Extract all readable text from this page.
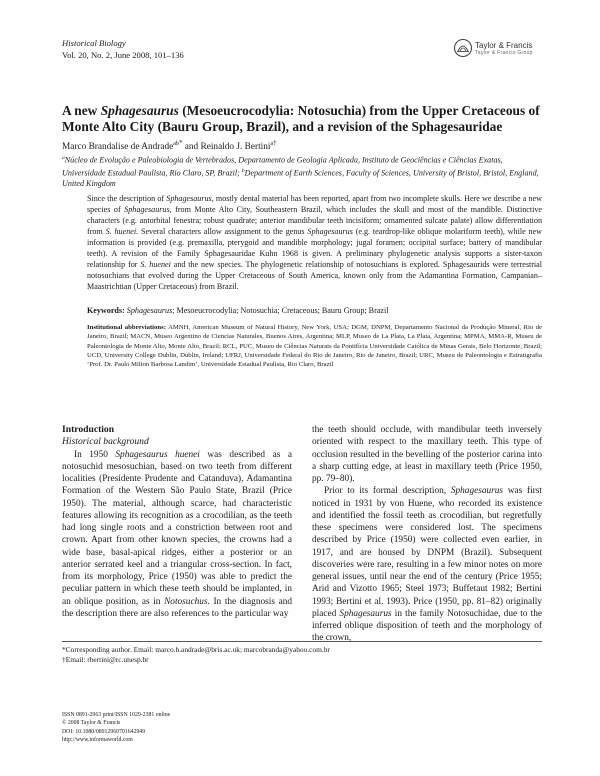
Historical Biology
Vol. 20, No. 2, June 2008, 101–136
Taylor & Francis
Taylor & Francis Group
A new Sphagesaurus (Mesoeucrocodylia: Notosuchia) from the Upper Cretaceous of Monte Alto City (Bauru Group, Brazil), and a revision of the Sphagesauridae
Marco Brandalise de Andrade$^{ab*}$ and Reinaldo J. Bertini$^{a\dagger}$
$^a$Núcleo de Evolução e Paleobiologia de Vertebrados, Departamento de Geologia Aplicada, Instituto de Geociências e Ciências Exatas, Universidade Estadual Paulista, Rio Claro, SP, Brazil; $^b$Department of Earth Sciences, Faculty of Sciences, University of Bristol, Bristol, England, United Kingdom
Since the description of Sphagesaurus, mostly dental material has been reported, apart from two incomplete skulls. Here we describe a new species of Sphagesaurus, from Monte Alto City, Southeastern Brazil, which includes the skull and most of the mandible. Distinctive characters (e.g. antorbital fenestra; robust quadrate; anterior mandibular teeth incisiform; ornamented sulcate palate) allow differentiation from S. huenei. Several characters allow assignment to the genus Sphagesaurus (e.g. teardrop-like oblique molariform teeth), while new information is provided (e.g. premaxilla, pterygoid and mandible morphology; jugal foramen; occipital surface; battery of mandibular teeth). A revision of the Family Sphagesauridae Kuhn 1968 is given. A preliminary phylogenetic analysis supports a sister-taxon relationship for S. huenei and the new species. The phylogenetic relationship of notosuchians is explored. Sphagesaurids were terrestrial notosuchians that evolved during the Upper Cretaceous of South America, known only from the Adamantina Formation, Campanian–Maastrichtian (Upper Cretaceous) from Brazil.
Keywords: Sphagesaurus; Mesoeucrocodylia; Notosuchia; Cretaceous; Bauru Group; Brazil
Institutional abbreviations: AMNH, American Museum of Natural History, New York, USA; DGM, DNPM, Departamento Nacional da Produção Mineral, Rio de Janeiro, Brazil; MACN, Museo Argentino de Ciencias Naturales, Buenos Aires, Argentina; MLP, Museo de La Plata, La Plata, Argentina; MPMA, MMA-R, Museu de Paleontologia de Monte Alto, Monte Alto, Brazil; RCL, PUC, Museu de Ciências Naturais da Pontifícia Universidade Católica de Minas Gerais, Belo Horizonte, Brazil; UCD, University College Dublin, Dublin, Ireland; UFRJ, Universidade Federal do Rio de Janeiro, Rio de Janeiro, Brazil; URC, Museu de Paleontologia e Estratigrafia ‘Prof. Dr. Paulo Milton Barbosa Landim’, Universidade Estadual Paulista, Rio Claro, Brazil
Introduction
Historical background

In 1950 Sphagesaurus huenei was described as a notosuchid mesosuchian, based on two teeth from different localities (Presidente Prudente and Catanduva), Adamantina Formation of the Western São Paulo State, Brazil (Price 1950). The material, although scarce, had characteristic features allowing its recognition as a crocodilian, as the teeth had long single roots and a constriction between root and crown. Apart from other known species, the crowns had a wide base, basal-apical ridges, either a posterior or an anterior serrated keel and a triangular cross-section. In fact, from its morphology, Price (1950) was able to predict the peculiar pattern in which these teeth should be implanted, in an oblique position, as in Notosuchus. In the diagnosis and the description there are also references to the particular way

the teeth should occlude, with mandibular teeth inversely oriented with respect to the maxillary teeth. This type of occlusion resulted in the bevelling of the posterior carina into a sharp cutting edge, at least in maxillary teeth (Price 1950, pp. 79–80).

Prior to its formal description, Sphagesaurus was first noticed in 1931 by von Huene, who recorded its existence and identified the fossil teeth as crocodilian, but regretfully these specimens were considered lost. The specimens described by Price (1950) were collected even earlier, in 1917, and are housed by DNPM (Brazil). Subsequent discoveries were rare, resulting in a few minor notes on more general issues, until near the end of the century (Price 1955; Arid and Vizotto 1965; Steel 1973; Buffetaut 1982; Bertini 1993; Bertini et al. 1993). Price (1950, pp. 81–82) originally placed Sphagesaurus in the family Notosuchidae, due to the inferred oblique disposition of teeth and the morphology of the crown,

*Corresponding author. Email: marco.b.andrade@bris.ac.uk; marcobranda@yahoo.com.br
†Email: rbertini@rc.unesp.br
ISSN 0891-2963 print/ISSN 1029-2381 online
© 2008 Taylor & Francis
DOI: 10.1080/08912960701642949
http://www.informaworld.com
